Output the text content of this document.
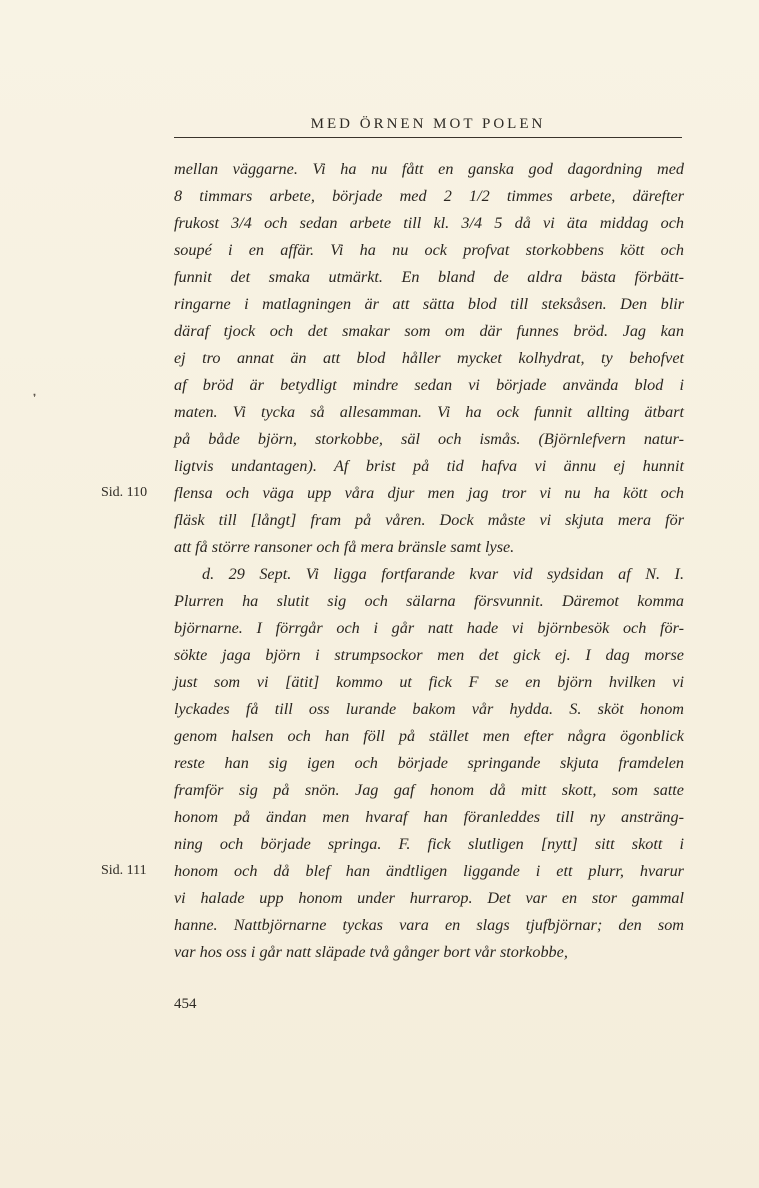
MED ÖRNEN MOT POLEN
mellan väggarne. Vi ha nu fått en ganska god dagordning med
8 timmars arbete, började med 2 1/2 timmes arbete, därefter
frukost 3/4 och sedan arbete till kl. 3/4 5 då vi äta middag och
soupé i en affär. Vi ha nu ock profvat storkobbens kött och
funnit det smaka utmärkt. En bland de aldra bästa förbätt-
ringarne i matlagningen är att sätta blod till steksåsen. Den blir
däraf tjock och det smakar som om där funnes bröd. Jag kan
ej tro annat än att blod håller mycket kolhydrat, ty behofvet
af bröd är betydligt mindre sedan vi började använda blod i
maten. Vi tycka så allesamman. Vi ha ock funnit allting ätbart
på både björn, storkobbe, säl och ismås. (Björnlefvern natur-
ligtvis undantagen). Af brist på tid hafva vi ännu ej hunnit
flensa och väga upp våra djur men jag tror vi nu ha kött och
fläsk till [långt] fram på våren. Dock måste vi skjuta mera för
att få större ransoner och få mera bränsle samt lyse.
d. 29 Sept. Vi ligga fortfarande kvar vid sydsidan af N. I.
Plurren ha slutit sig och sälarna försvunnit. Däremot komma
björnarne. I förrgår och i går natt hade vi björnbesök och för-
sökte jaga björn i strumpsockor men det gick ej. I dag morse
just som vi [ätit] kommo ut fick F se en björn hvilken vi
lyckades få till oss lurande bakom vår hydda. S. sköt honom
genom halsen och han föll på stället men efter några ögonblick
reste han sig igen och började springande skjuta framdelen
framför sig på snön. Jag gaf honom då mitt skott, som satte
honom på ändan men hvaraf han föranleddes till ny ansträng-
ning och började springa. F. fick slutligen [nytt] sitt skott i
honom och då blef han ändtligen liggande i ett plurr, hvarur
vi halade upp honom under hurrarop. Det var en stor gammal
hanne. Nattbjörnarne tyckas vara en slags tjufbjörnar; den som
var hos oss i går natt släpade två gånger bort vår storkobbe,
Sid. 110
Sid. 111
❜
454
